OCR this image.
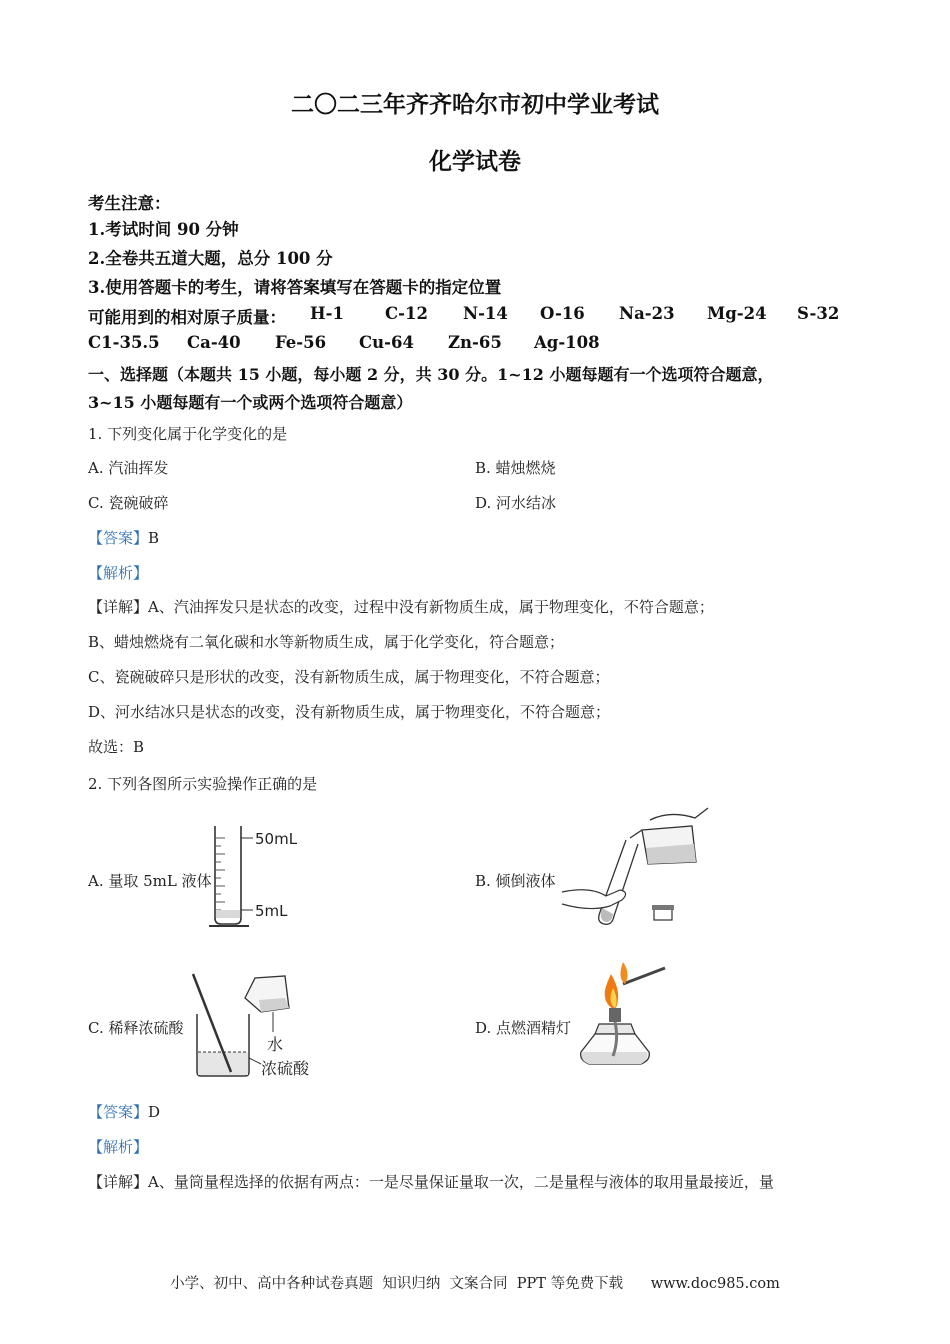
二〇二三年齐齐哈尔市初中学业考试
化学试卷
考生注意：
1.考试时间 90 分钟
2.全卷共五道大题，总分 100 分
3.使用答题卡的考生，请将答案填写在答题卡的指定位置
可能用到的相对原子质量： H-1 C-12 N-14 O-16 Na-23 Mg-24 S-32
C1-35.5 Ca-40 Fe-56 Cu-64 Zn-65 Ag-108
一、选择题（本题共 15 小题，每小题 2 分，共 30 分。1~12 小题每题有一个选项符合题意，
3~15 小题每题有一个或两个选项符合题意）
1. 下列变化属于化学变化的是
A. 汽油挥发	B. 蜡烛燃烧
C. 瓷碗破碎	D. 河水结冰
【答案】B
【解析】
【详解】A、汽油挥发只是状态的改变，过程中没有新物质生成，属于物理变化，不符合题意；
B、蜡烛燃烧有二氧化碳和水等新物质生成，属于化学变化，符合题意；
C、瓷碗破碎只是形状的改变，没有新物质生成，属于物理变化，不符合题意；
D、河水结冰只是状态的改变，没有新物质生成，属于物理变化，不符合题意；
故选：B
2. 下列各图所示实验操作正确的是
A. 量取 5mL 液体	B. 倾倒液体
C. 稀释浓硫酸	D. 点燃酒精灯
50mL
5mL
水
浓硫酸
【答案】D
【解析】
【详解】A、量筒量程选择的依据有两点：一是尽量保证量取一次，二是量程与液体的取用量最接近，量
小学、初中、高中各种试卷真题  知识归纳  文案合同  PPT 等免费下载      www.doc985.com
